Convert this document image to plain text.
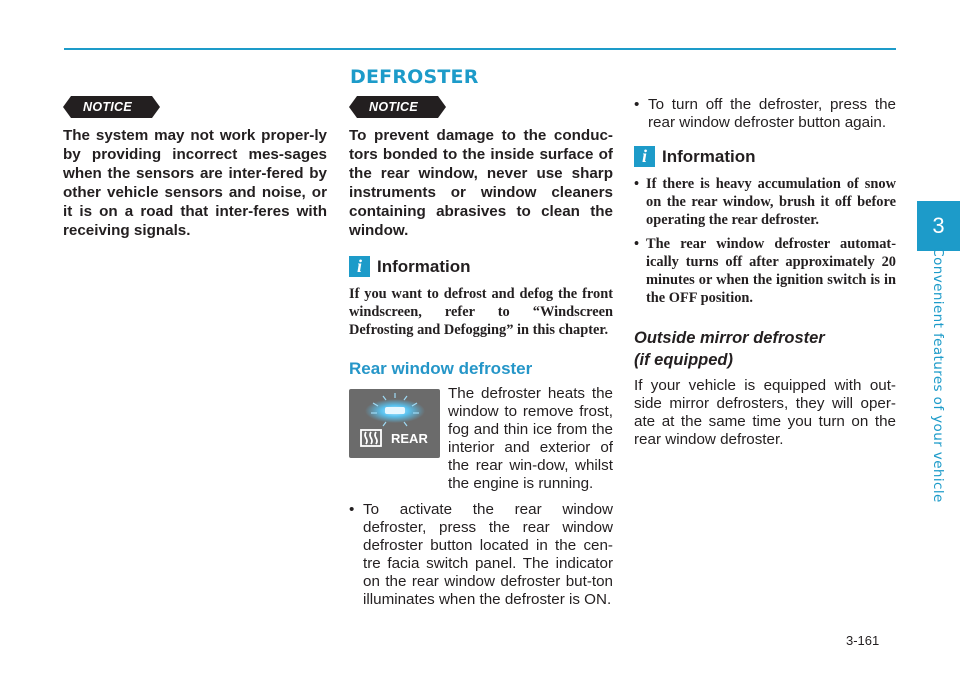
DEFROSTER
NOTICE

The system may not work proper-ly by providing incorrect mes-sages when the sensors are inter-fered by other vehicle sensors and noise, or it is on a road that inter-feres with receiving signals.

NOTICE

To prevent damage to the conduc-tors bonded to the inside surface of the rear window, never use sharp instruments or window cleaners containing abrasives to clean the window.

i Information

If you want to defrost and defog the front windscreen, refer to “Windscreen Defrosting and Defogging” in this chapter.

Rear window defroster
REAR

The defroster heats the window to remove frost, fog and thin ice from the interior and exterior of the rear win-dow, whilst the engine is running.

• To activate the rear window defroster, press the rear window defroster button located in the cen-tre facia switch panel. The indicator on the rear window defroster but-ton illuminates when the defroster is ON.

• To turn off the defroster, press the rear window defroster button again.

i Information

• If there is heavy accumulation of snow on the rear window, brush it off before operating the rear defroster.

• The rear window defroster automat-ically turns off after approximately 20 minutes or when the ignition switch is in the OFF position.

Outside mirror defroster
(if equipped)

If your vehicle is equipped with out-side mirror defrosters, they will oper-ate at the same time you turn on the rear window defroster.

3
Convenient features of your vehicle
3-161
